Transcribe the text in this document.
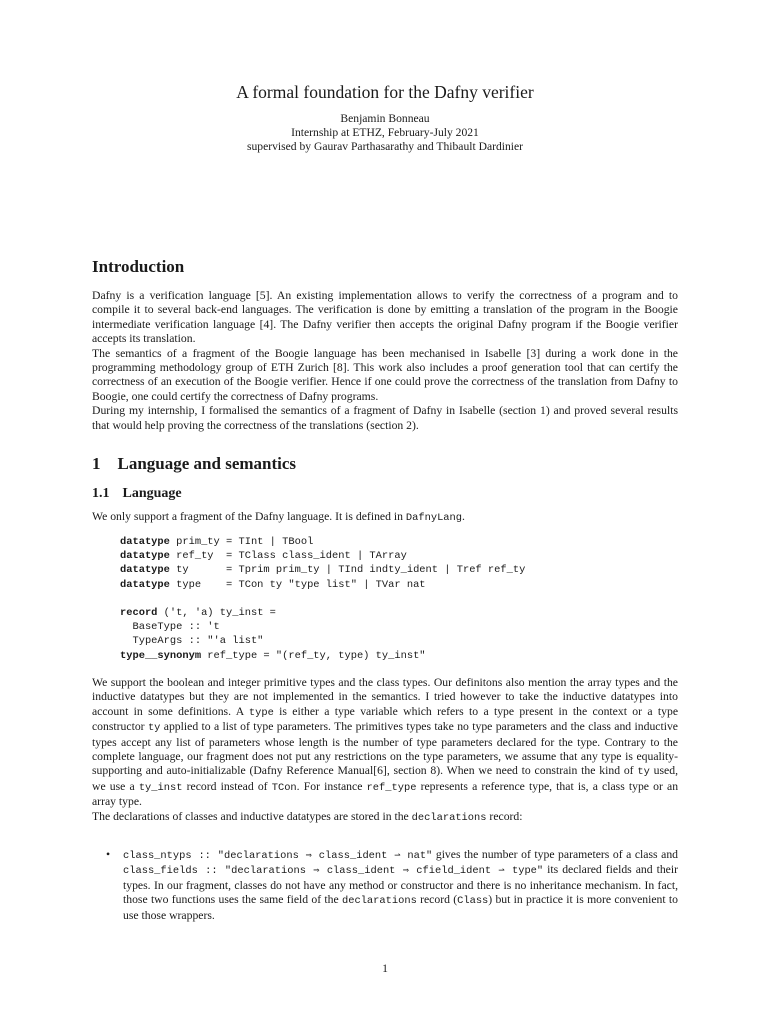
A formal foundation for the Dafny verifier
Benjamin Bonneau
Internship at ETHZ, February-July 2021
supervised by Gaurav Parthasarathy and Thibault Dardinier
Introduction

Dafny is a verification language [5]. An existing implementation allows to verify the correctness of a program and to compile it to several back-end languages. The verification is done by emitting a translation of the program in the Boogie intermediate verification language [4]. The Dafny verifier then accepts the original Dafny program if the Boogie verifier accepts its translation.

The semantics of a fragment of the Boogie language has been mechanised in Isabelle [3] during a work done in the programming methodology group of ETH Zurich [8]. This work also includes a proof generation tool that can certify the correctness of an execution of the Boogie verifier. Hence if one could prove the correctness of the translation from Dafny to Boogie, one could certify the correctness of Dafny programs.

During my internship, I formalised the semantics of a fragment of Dafny in Isabelle (section 1) and proved several results that would help proving the correctness of the translations (section 2).

1 Language and semantics
1.1 Language
We only support a fragment of the Dafny language. It is defined in DafnyLang.
datatype prim_ty = TInt | TBool
datatype ref_ty  = TClass class_ident | TArray
datatype ty      = Tprim prim_ty | TInd indty_ident | Tref ref_ty
datatype type    = TCon ty "type list" | TVar nat

record ('t, 'a) ty_inst =
BaseType :: 't
TypeArgs :: "'a list"
type__synonym ref_type = "(ref_ty, type) ty_inst"
We support the boolean and integer primitive types and the class types. Our definitons also mention the array types and the inductive datatypes but they are not implemented in the semantics. I tried however to take the inductive datatypes into account in some definitions. A type is either a type variable which refers to a type present in the context or a type constructor ty applied to a list of type parameters. The primitives types take no type parameters and the class and inductive types accept any list of parameters whose length is the number of type parameters declared for the type. Contrary to the complete language, our fragment does not put any restrictions on the type parameters, we assume that any type is equality-supporting and auto-initializable (Dafny Reference Manual[6], section 8). When we need to constrain the kind of ty used, we use a ty_inst record instead of TCon. For instance ref_type represents a reference type, that is, a class type or an array type.
The declarations of classes and inductive datatypes are stored in the declarations record:
• class_ntyps :: "declarations ⇒ class_ident ⇀ nat" gives the number of type parameters of a class and class_fields :: "declarations ⇒ class_ident ⇒ cfield_ident ⇀ type" its declared fields and their types. In our fragment, classes do not have any method or constructor and there is no inheritance mechanism. In fact, those two functions uses the same field of the declarations record (Class) but in practice it is more convenient to use those wrappers.
1
